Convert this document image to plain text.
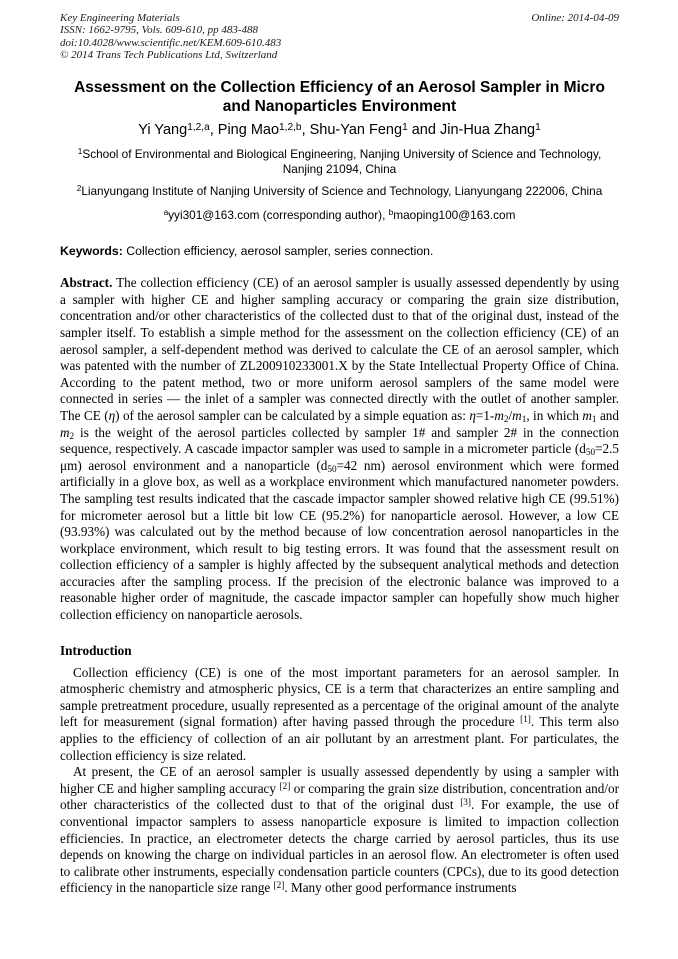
Key Engineering Materials	Online: 2014-04-09
ISSN: 1662-9795, Vols. 609-610, pp 483-488
doi:10.4028/www.scientific.net/KEM.609-610.483
© 2014 Trans Tech Publications Ltd, Switzerland
Assessment on the Collection Efficiency of an Aerosol Sampler in Micro and Nanoparticles Environment
Yi Yang$^{1,2,a}$, Ping Mao$^{1,2,b}$, Shu-Yan Feng$^1$ and Jin-Hua Zhang$^1$
$^1$School of Environmental and Biological Engineering, Nanjing University of Science and Technology, Nanjing 21094, China
$^2$Lianyungang Institute of Nanjing University of Science and Technology, Lianyungang 222006, China
$^a$yyi301@163.com (corresponding author), $^b$maoping100@163.com
Keywords: Collection efficiency, aerosol sampler, series connection.

Abstract. The collection efficiency (CE) of an aerosol sampler is usually assessed dependently by using a sampler with higher CE and higher sampling accuracy or comparing the grain size distribution, concentration and/or other characteristics of the collected dust to that of the original dust, instead of the sampler itself. To establish a simple method for the assessment on the collection efficiency (CE) of an aerosol sampler, a self-dependent method was derived to calculate the CE of an aerosol sampler, which was patented with the number of ZL200910233001.X by the State Intellectual Property Office of China. According to the patent method, two or more uniform aerosol samplers of the same model were connected in series — the inlet of a sampler was connected directly with the outlet of another sampler. The CE (η) of the aerosol sampler can be calculated by a simple equation as: η=1-m2/m1, in which m1 and m2 is the weight of the aerosol particles collected by sampler 1# and sampler 2# in the connection sequence, respectively. A cascade impactor sampler was used to sample in a micrometer particle (d50=2.5 μm) aerosol environment and a nanoparticle (d50=42 nm) aerosol environment which were formed artificially in a glove box, as well as a workplace environment which manufactured nanometer powders. The sampling test results indicated that the cascade impactor sampler showed relative high CE (99.51%) for micrometer aerosol but a little bit low CE (95.2%) for nanoparticle aerosol. However, a low CE (93.93%) was calculated out by the method because of low concentration aerosol nanoparticles in the workplace environment, which result to big testing errors. It was found that the assessment result on collection efficiency of a sampler is highly affected by the subsequent analytical methods and detection accuracies after the sampling process. If the precision of the electronic balance was improved to a reasonable higher order of magnitude, the cascade impactor sampler can hopefully show much higher collection efficiency on nanoparticle aerosols.

Introduction

Collection efficiency (CE) is one of the most important parameters for an aerosol sampler. In atmospheric chemistry and atmospheric physics, CE is a term that characterizes an entire sampling and sample pretreatment procedure, usually represented as a percentage of the original amount of the analyte left for measurement (signal formation) after having passed through the procedure [1]. This term also applies to the efficiency of collection of an air pollutant by an arrestment plant. For particulates, the collection efficiency is size related.

At present, the CE of an aerosol sampler is usually assessed dependently by using a sampler with higher CE and higher sampling accuracy [2] or comparing the grain size distribution, concentration and/or other characteristics of the collected dust to that of the original dust [3]. For example, the use of conventional impactor samplers to assess nanoparticle exposure is limited to impaction collection efficiencies. In practice, an electrometer detects the charge carried by aerosol particles, thus its use depends on knowing the charge on individual particles in an aerosol flow. An electrometer is often used to calibrate other instruments, especially condensation particle counters (CPCs), due to its good detection efficiency in the nanoparticle size range [2]. Many other good performance instruments
